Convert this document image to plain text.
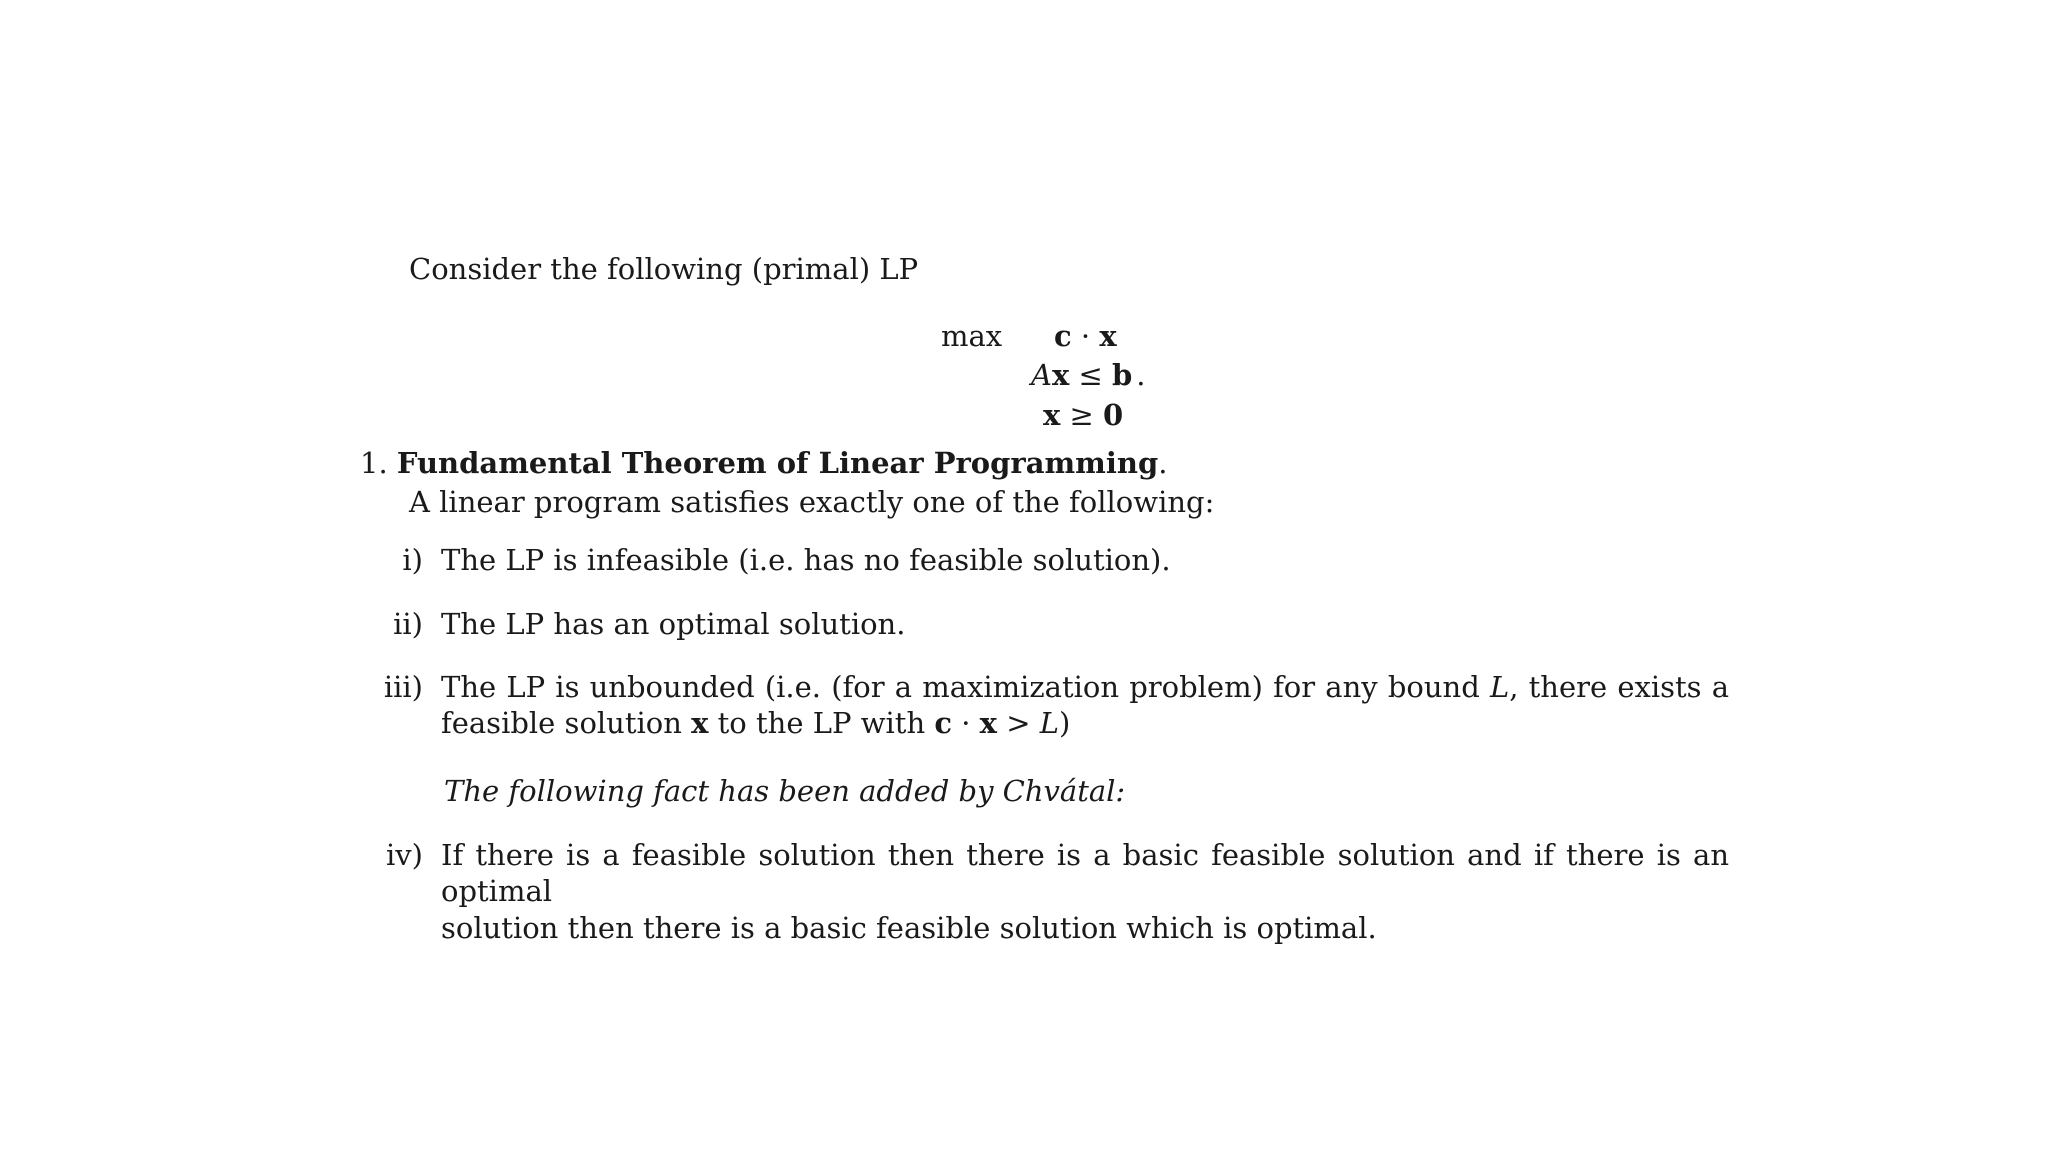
Consider the following (primal) LP
max c · x
Ax ≤ b .
x ≥ 0
1. Fundamental Theorem of Linear Programming.
A linear program satisfies exactly one of the following:
i) The LP is infeasible (i.e. has no feasible solution).
ii) The LP has an optimal solution.
iii) The LP is unbounded (i.e. (for a maximization problem) for any bound L, there exists a
feasible solution x to the LP with c · x > L)
The following fact has been added by Chvátal:
iv) If there is a feasible solution then there is a basic feasible solution and if there is an optimal
solution then there is a basic feasible solution which is optimal.
